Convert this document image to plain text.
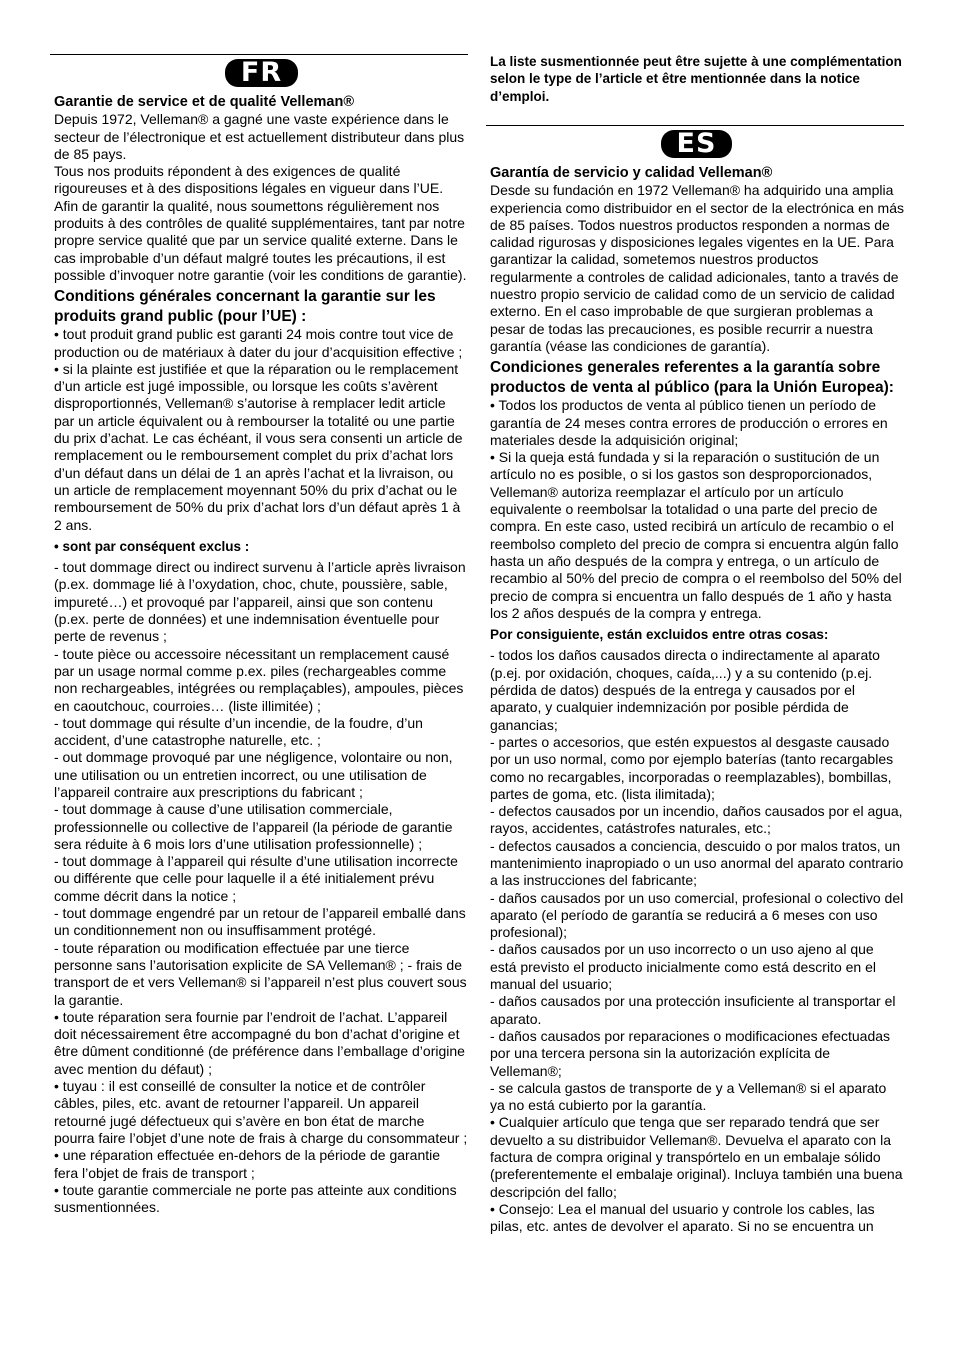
FR

Garantie de service et de qualité Velleman®

Depuis 1972, Velleman® a gagné une vaste expérience dans le secteur de l’électronique et est actuellement distributeur dans plus de 85 pays.

Tous nos produits répondent à des exigences de qualité rigoureuses et à des dispositions légales en vigueur dans l’UE. Afin de garantir la qualité, nous soumettons régulièrement nos produits à des contrôles de qualité supplémentaires, tant par notre propre service qualité que par un service qualité externe. Dans le cas improbable d’un défaut malgré toutes les précautions, il est possible d’invoquer notre garantie (voir les conditions de garantie).

Conditions générales concernant la garantie sur les produits grand public (pour l’UE) :

• tout produit grand public est garanti 24 mois contre tout vice de production ou de matériaux à dater du jour d’acquisition effective ;

• si la plainte est justifiée et que la réparation ou le remplacement d’un article est jugé impossible, ou lorsque les coûts s’avèrent disproportionnés, Velleman® s’autorise à remplacer ledit article par un article équivalent ou à rembourser la totalité ou une partie du prix d’achat. Le cas échéant, il vous sera consenti un article de remplacement ou le remboursement complet du prix d’achat lors d’un défaut dans un délai de 1 an après l’achat et la livraison, ou un article de remplacement moyennant 50% du prix d’achat ou le remboursement de 50% du prix d’achat lors d’un défaut après 1 à 2 ans.

• sont par conséquent exclus :

- tout dommage direct ou indirect survenu à l’article après livraison (p.ex. dommage lié à l’oxydation, choc, chute, poussière, sable, impureté…) et provoqué par l’appareil, ainsi que son contenu (p.ex. perte de données) et une indemnisation éventuelle pour perte de revenus ;

- toute pièce ou accessoire nécessitant un remplacement causé par un usage normal comme p.ex. piles (rechargeables comme non rechargeables, intégrées ou remplaçables), ampoules, pièces en caoutchouc, courroies… (liste illimitée) ;

- tout dommage qui résulte d’un incendie, de la foudre, d’un accident, d’une catastrophe naturelle, etc. ;

- out dommage provoqué par une négligence, volontaire ou non, une utilisation ou un entretien incorrect, ou une utilisation de l’appareil contraire aux prescriptions du fabricant ;

- tout dommage à cause d’une utilisation commerciale, professionnelle ou collective de l’appareil (la période de garantie sera réduite à 6 mois lors d’une utilisation professionnelle) ;

- tout dommage à l’appareil qui résulte d’une utilisation incorrecte ou différente que celle pour laquelle il a été initialement prévu comme décrit dans la notice ;

- tout dommage engendré par un retour de l’appareil emballé dans un conditionnement non ou insuffisamment protégé.

- toute réparation ou modification effectuée par une tierce personne sans l’autorisation explicite de SA Velleman® ; - frais de transport de et vers Velleman® si l’appareil n’est plus couvert sous la garantie.

• toute réparation sera fournie par l’endroit de l’achat. L’appareil doit nécessairement être accompagné du bon d’achat d’origine et être dûment conditionné (de préférence dans l’emballage d’origine avec mention du défaut) ;

• tuyau : il est conseillé de consulter la notice et de contrôler câbles, piles, etc. avant de retourner l’appareil. Un appareil retourné jugé défectueux qui s’avère en bon état de marche pourra faire l’objet d’une note de frais à charge du consommateur ;

• une réparation effectuée en-dehors de la période de garantie fera l’objet de frais de transport ;

• toute garantie commerciale ne porte pas atteinte aux conditions susmentionnées.

La liste susmentionnée peut être sujette à une complémentation selon le type de l’article et être mentionnée dans la notice d’emploi.

ES

Garantía de servicio y calidad Velleman®

Desde su fundación en 1972 Velleman® ha adquirido una amplia experiencia como distribuidor en el sector de la electrónica en más de 85 países. Todos nuestros productos responden a normas de calidad rigurosas y disposiciones legales vigentes en la UE. Para garantizar la calidad, sometemos nuestros productos regularmente a controles de calidad adicionales, tanto a través de nuestro propio servicio de calidad como de un servicio de calidad externo. En el caso improbable de que surgieran problemas a pesar de todas las precauciones, es posible recurrir a nuestra garantía (véase las condiciones de garantía).

Condiciones generales referentes a la garantía sobre productos de venta al público (para la Unión Europea):

• Todos los productos de venta al público tienen un período de garantía de 24 meses contra errores de producción o errores en materiales desde la adquisición original;

• Si la queja está fundada y si la reparación o sustitución de un artículo no es posible, o si los gastos son desproporcionados, Velleman® autoriza reemplazar el artículo por un artículo equivalente o reembolsar la totalidad o una parte del precio de compra. En este caso, usted recibirá un artículo de recambio o el reembolso completo del precio de compra si encuentra algún fallo hasta un año después de la compra y entrega, o un artículo de recambio al 50% del precio de compra o el reembolso del 50% del precio de compra si encuentra un fallo después de 1 año y hasta los 2 años después de la compra y entrega.

Por consiguiente, están excluidos entre otras cosas:

- todos los daños causados directa o indirectamente al aparato (p.ej. por oxidación, choques, caída,...) y a su contenido (p.ej. pérdida de datos) después de la entrega y causados por el aparato, y cualquier indemnización por posible pérdida de ganancias;

- partes o accesorios, que estén expuestos al desgaste causado por un uso normal, como por ejemplo baterías (tanto recargables como no recargables, incorporadas o reemplazables), bombillas, partes de goma, etc. (lista ilimitada);

- defectos causados por un incendio, daños causados por el agua, rayos, accidentes, catástrofes naturales, etc.;

- defectos causados a conciencia, descuido o por malos tratos, un mantenimiento inapropiado o un uso anormal del aparato contrario a las instrucciones del fabricante;

- daños causados por un uso comercial, profesional o colectivo del aparato (el período de garantía se reducirá a 6 meses con uso profesional);

- daños causados por un uso incorrecto o un uso ajeno al que está previsto el producto inicialmente como está descrito en el manual del usuario;

- daños causados por una protección insuficiente al transportar el aparato.

- daños causados por reparaciones o modificaciones efectuadas por una tercera persona sin la autorización explícita de Velleman®;

- se calcula gastos de transporte de y a Velleman® si el aparato ya no está cubierto por la garantía.

• Cualquier artículo que tenga que ser reparado tendrá que ser devuelto a su distribuidor Velleman®. Devuelva el aparato con la factura de compra original y transpórtelo en un embalaje sólido (preferentemente el embalaje original). Incluya también una buena descripción del fallo;

• Consejo: Lea el manual del usuario y controle los cables, las pilas, etc. antes de devolver el aparato. Si no se encuentra un
